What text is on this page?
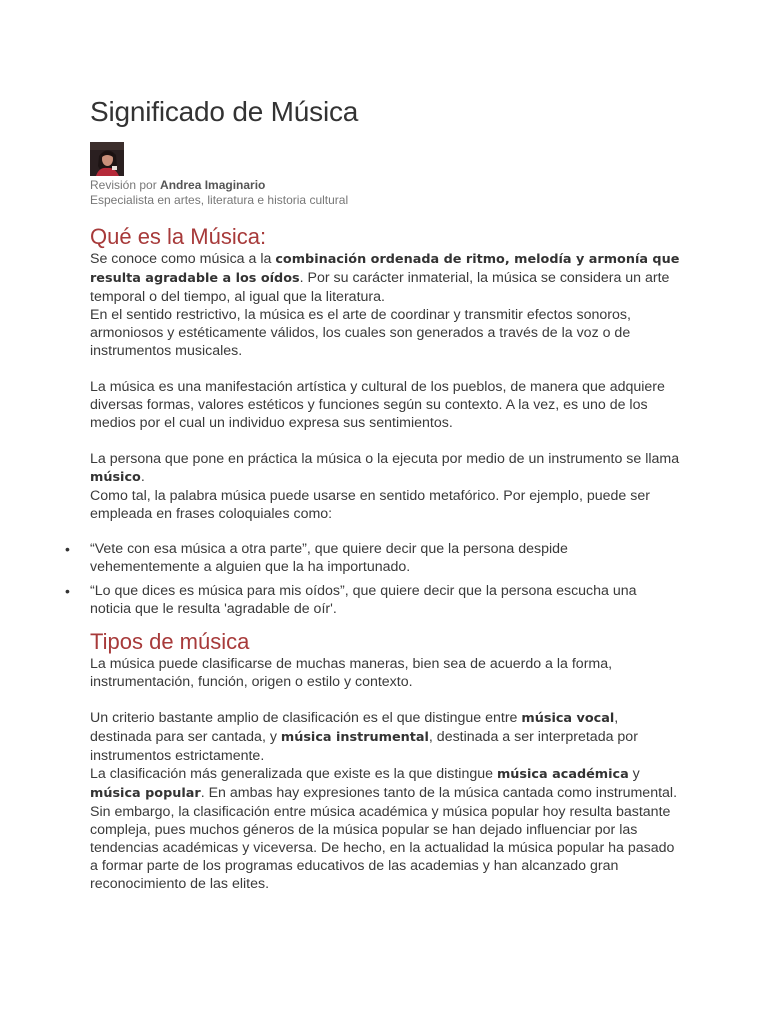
Significado de Música
Revisión por Andrea Imaginario
Especialista en artes, literatura e historia cultural
Qué es la Música:

Se conoce como música a la combinación ordenada de ritmo, melodía y armonía que resulta agradable a los oídos. Por su carácter inmaterial, la música se considera un arte temporal o del tiempo, al igual que la literatura.

En el sentido restrictivo, la música es el arte de coordinar y transmitir efectos sonoros, armoniosos y estéticamente válidos, los cuales son generados a través de la voz o de instrumentos musicales.

La música es una manifestación artística y cultural de los pueblos, de manera que adquiere diversas formas, valores estéticos y funciones según su contexto. A la vez, es uno de los medios por el cual un individuo expresa sus sentimientos.

La persona que pone en práctica la música o la ejecuta por medio de un instrumento se llama músico.

Como tal, la palabra música puede usarse en sentido metafórico. Por ejemplo, puede ser empleada en frases coloquiales como:

• “Vete con esa música a otra parte”, que quiere decir que la persona despide vehementemente a alguien que la ha importunado.
• “Lo que dices es música para mis oídos”, que quiere decir que la persona escucha una noticia que le resulta 'agradable de oír'.
Tipos de música

La música puede clasificarse de muchas maneras, bien sea de acuerdo a la forma, instrumentación, función, origen o estilo y contexto.

Un criterio bastante amplio de clasificación es el que distingue entre música vocal, destinada para ser cantada, y música instrumental, destinada a ser interpretada por instrumentos estrictamente.

La clasificación más generalizada que existe es la que distingue música académica y música popular. En ambas hay expresiones tanto de la música cantada como instrumental.

Sin embargo, la clasificación entre música académica y música popular hoy resulta bastante compleja, pues muchos géneros de la música popular se han dejado influenciar por las tendencias académicas y viceversa. De hecho, en la actualidad la música popular ha pasado a formar parte de los programas educativos de las academias y han alcanzado gran reconocimiento de las elites.
